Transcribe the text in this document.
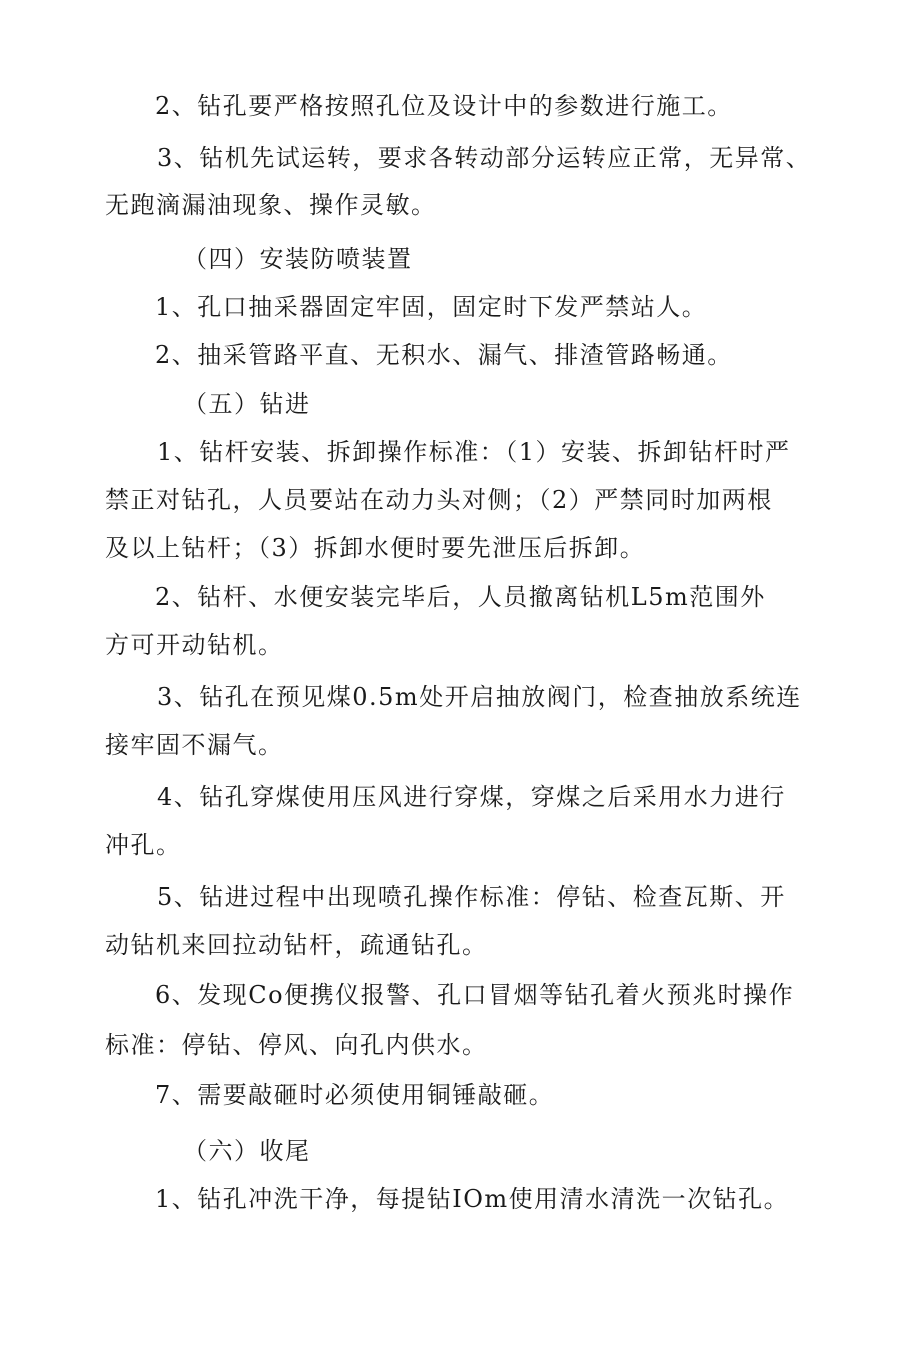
2、钻孔要严格按照孔位及设计中的参数进行施工。
3、钻机先试运转，要求各转动部分运转应正常，无异常、
无跑滴漏油现象、操作灵敏。
（四）安装防喷装置
1、孔口抽采器固定牢固，固定时下发严禁站人。
2、抽采管路平直、无积水、漏气、排渣管路畅通。
（五）钻进
1、钻杆安装、拆卸操作标准：（1）安装、拆卸钻杆时严
禁正对钻孔，人员要站在动力头对侧；（2）严禁同时加两根
及以上钻杆；（3）拆卸水便时要先泄压后拆卸。
2、钻杆、水便安装完毕后，人员撤离钻机L5m范围外
方可开动钻机。
3、钻孔在预见煤0.5m处开启抽放阀门，检查抽放系统连
接牢固不漏气。
4、钻孔穿煤使用压风进行穿煤，穿煤之后采用水力进行
冲孔。
5、钻进过程中出现喷孔操作标准：停钻、检查瓦斯、开
动钻机来回拉动钻杆，疏通钻孔。
6、发现Co便携仪报警、孔口冒烟等钻孔着火预兆时操作
标准：停钻、停风、向孔内供水。
7、需要敲砸时必须使用铜锤敲砸。
（六）收尾
1、钻孔冲洗干净，每提钻IOm使用清水清洗一次钻孔。
